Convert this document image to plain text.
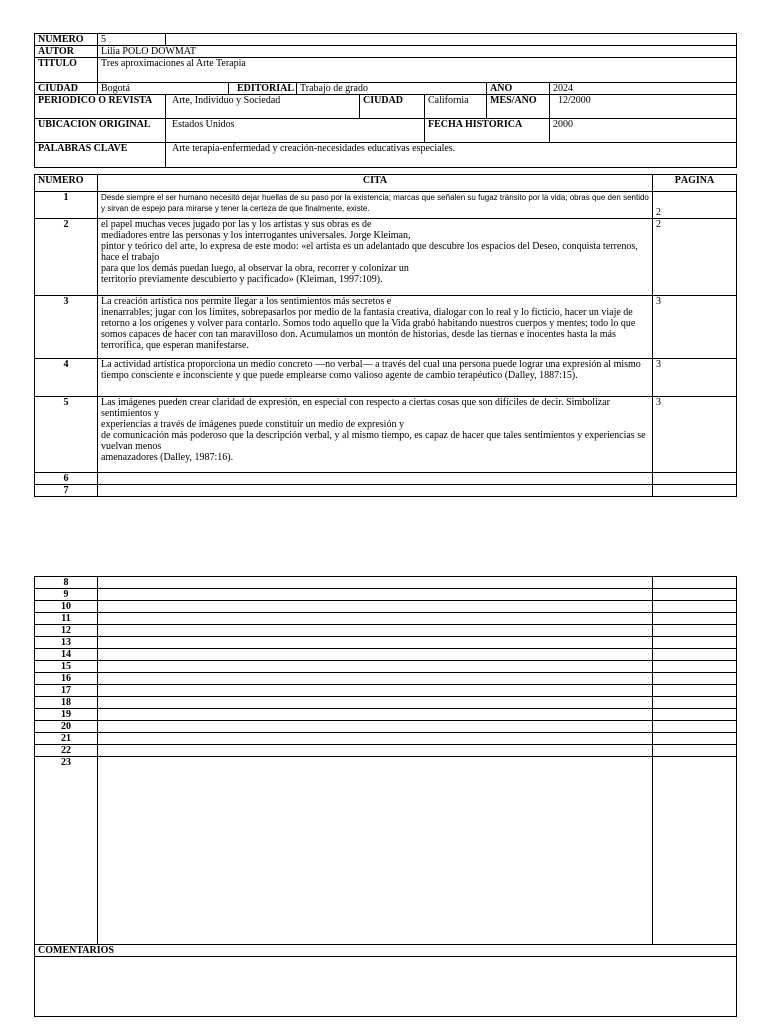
NÚMERO	5							
AUTOR	Lilia POLO DOWMAT							
TITULO	Tres aproximaciones al Arte Terapia							
CIUDAD	Bogotá		EDITORIAL	Trabajo de grado			AÑO	2024
PERIODICO O REVISTA		Arte, Individuo y Sociedad			CIUDAD	California	MES/AÑO	12/2000
UBICACIÓN ORIGINAL		Estados Unidos				FECHA HISTÓRICA		2000
PALABRAS CLAVE		Arte terapia-enfermedad y creación-necesidades educativas especiales.						
NÚMERO	CITA	PÁGINA
1	Desde siempre el ser humano necesitó dejar huellas de su paso por la existencia; marcas que señalen su fugaz tránsito por la vida; obras que den sentido y sirvan de espejo para mirarse y tener la certeza de que finalmente, existe.	2
2	el papel muchas veces jugado por las y los artistas y sus obras es de
mediadores entre las personas y los interrogantes universales. Jorge Kleiman,
pintor y teórico del arte, lo expresa de este modo: «el artista es un adelantado que descubre los espacios del Deseo, conquista terrenos, hace el trabajo
para que los demás puedan luego, al observar la obra, recorrer y colonizar un
territorio previamente descubierto y pacificado» (Kleiman, 1997:109).	2
3	La creación artística nos permite llegar a los sentimientos más secretos e
inenarrables; jugar con los límites, sobrepasarlos por medio de la fantasía creativa, dialogar con lo real y lo ficticio, hacer un viaje de retorno a los orígenes y volver para contarlo. Somos todo aquello que la Vida grabó habitando nuestros cuerpos y mentes; todo lo que somos capaces de hacer con tan maravilloso don. Acumulamos un montón de historias, desde las tiernas e inocentes hasta la más terrorífica, que esperan manifestarse.	3
4	La actividad artística proporciona un medio concreto —no verbal— a través del cual una persona puede lograr una expresión al mismo tiempo consciente e inconsciente y que puede emplearse como valioso agente de cambio terapéutico (Dalley, 1887:15).	3
5	Las imágenes pueden crear claridad de expresión, en especial con respecto a ciertas cosas que son difíciles de decir. Simbolizar sentimientos y
experiencias a través de imágenes puede constituir un medio de expresión y
de comunicación más poderoso que la descripción verbal, y al mismo tiempo, es capaz de hacer que tales sentimientos y experiencias se vuelvan menos
amenazadores (Dalley, 1987:16).	3
6		
7		
8		
9		
10		
11		
12		
13		
14		
15		
16		
17		
18		
19		
20		
21		
22		
23		
COMENTARIOS		
